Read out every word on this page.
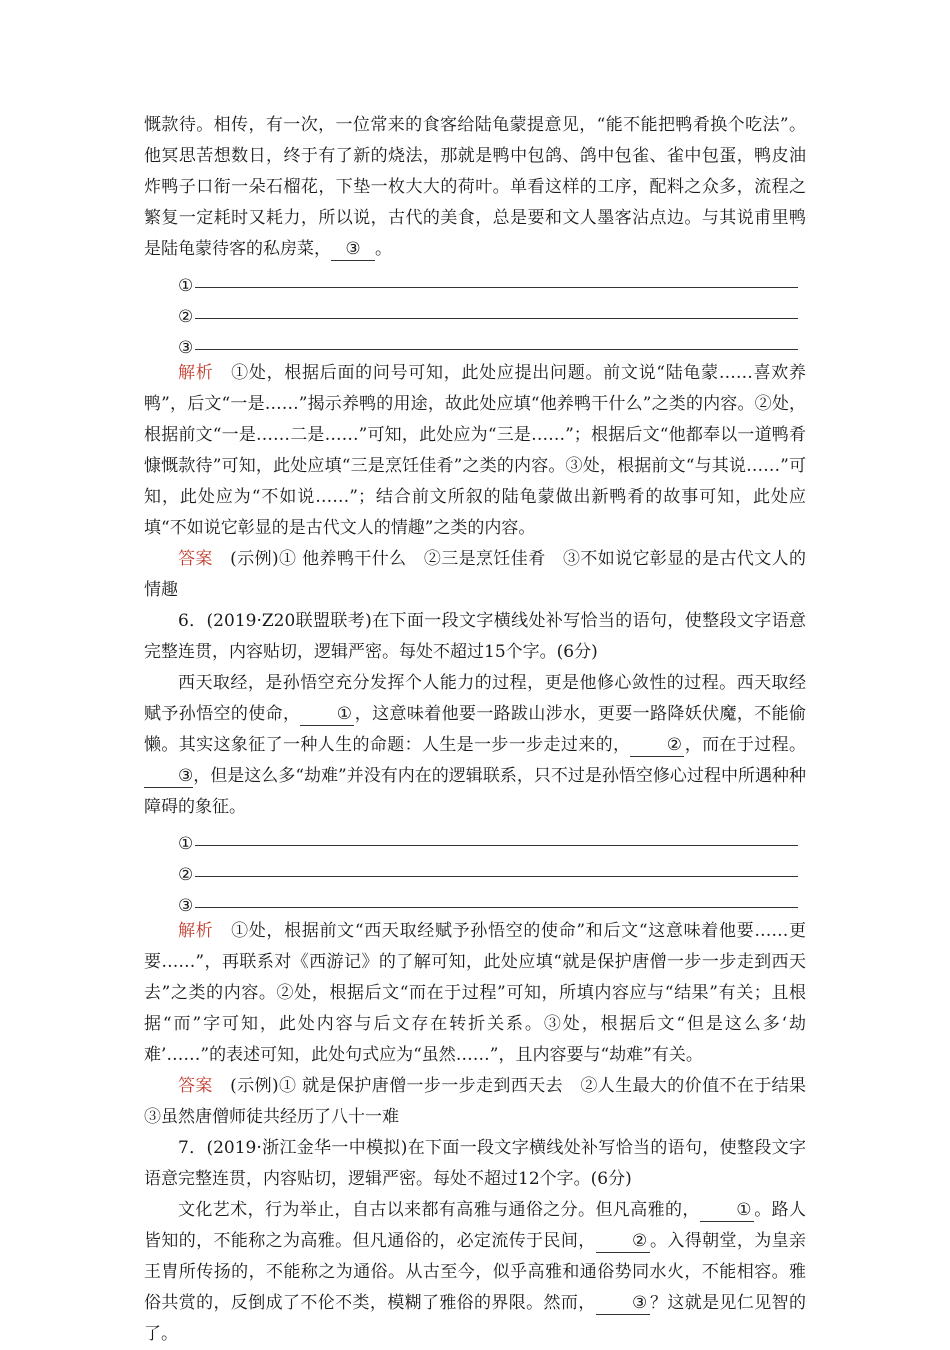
慨款待。相传，有一次，一位常来的食客给陆龟蒙提意见，“能不能把鸭肴换个吃法”。他冥思苦想数日，终于有了新的烧法，那就是鸭中包鸽、鸽中包雀、雀中包蛋，鸭皮油炸鸭子口衔一朵石榴花，下垫一枚大大的荷叶。单看这样的工序，配料之众多，流程之繁复一定耗时又耗力，所以说，古代的美食，总是要和文人墨客沾点边。与其说甫里鸭是陆龟蒙待客的私房菜， ③ 。

①
②
③

解析　 ①处，根据后面的问号可知，此处应提出问题。前文说“陆龟蒙……喜欢养鸭”，后文“一是……”揭示养鸭的用途，故此处应填“他养鸭干什么”之类的内容。②处，根据前文“一是……二是……”可知，此处应为“三是……”；根据后文“他都奉以一道鸭肴慷慨款待”可知，此处应填“三是烹饪佳肴”之类的内容。③处，根据前文“与其说……”可知，此处应为“不如说……”；结合前文所叙的陆龟蒙做出新鸭肴的故事可知，此处应填“不如说它彰显的是古代文人的情趣”之类的内容。

答案　 (示例)① 他养鸭干什么　②三是烹饪佳肴　③不如说它彰显的是古代文人的情趣

6．(2019·Z20联盟联考)在下面一段文字横线处补写恰当的语句，使整段文字语意完整连贯，内容贴切，逻辑严密。每处不超过15个字。(6分)

西天取经，是孙悟空充分发挥个人能力的过程，更是他修心敛性的过程。西天取经赋予孙悟空的使命， ① ，这意味着他要一路跋山涉水，更要一路降妖伏魔，不能偷懒。其实这象征了一种人生的命题：人生是一步一步走过来的， ② ，而在于过程。③，但是这么多“劫难”并没有内在的逻辑联系，只不过是孙悟空修心过程中所遇种种障碍的象征。

①
②
③

解析　 ①处，根据前文“西天取经赋予孙悟空的使命”和后文“这意味着他要……更要……”，再联系对《西游记》的了解可知，此处应填“就是保护唐僧一步一步走到西天去”之类的内容。②处，根据后文“而在于过程”可知，所填内容应与“结果”有关；且根据“而”字可知，此处内容与后文存在转折关系。③处，根据后文“但是这么多‘劫难’……”的表述可知，此处句式应为“虽然……”，且内容要与“劫难”有关。

答案　 (示例)① 就是保护唐僧一步一步走到西天去　②人生最大的价值不在于结果③虽然唐僧师徒共经历了八十一难

7．(2019·浙江金华一中模拟)在下面一段文字横线处补写恰当的语句，使整段文字语意完整连贯，内容贴切，逻辑严密。每处不超过12个字。(6分)

文化艺术，行为举止，自古以来都有高雅与通俗之分。但凡高雅的， ① 。路人皆知的，不能称之为高雅。但凡通俗的，必定流传于民间， ② 。入得朝堂，为皇亲王胄所传扬的，不能称之为通俗。从古至今，似乎高雅和通俗势同水火，不能相容。雅俗共赏的，反倒成了不伦不类，模糊了雅俗的界限。然而， ③ ？这就是见仁见智的了。
